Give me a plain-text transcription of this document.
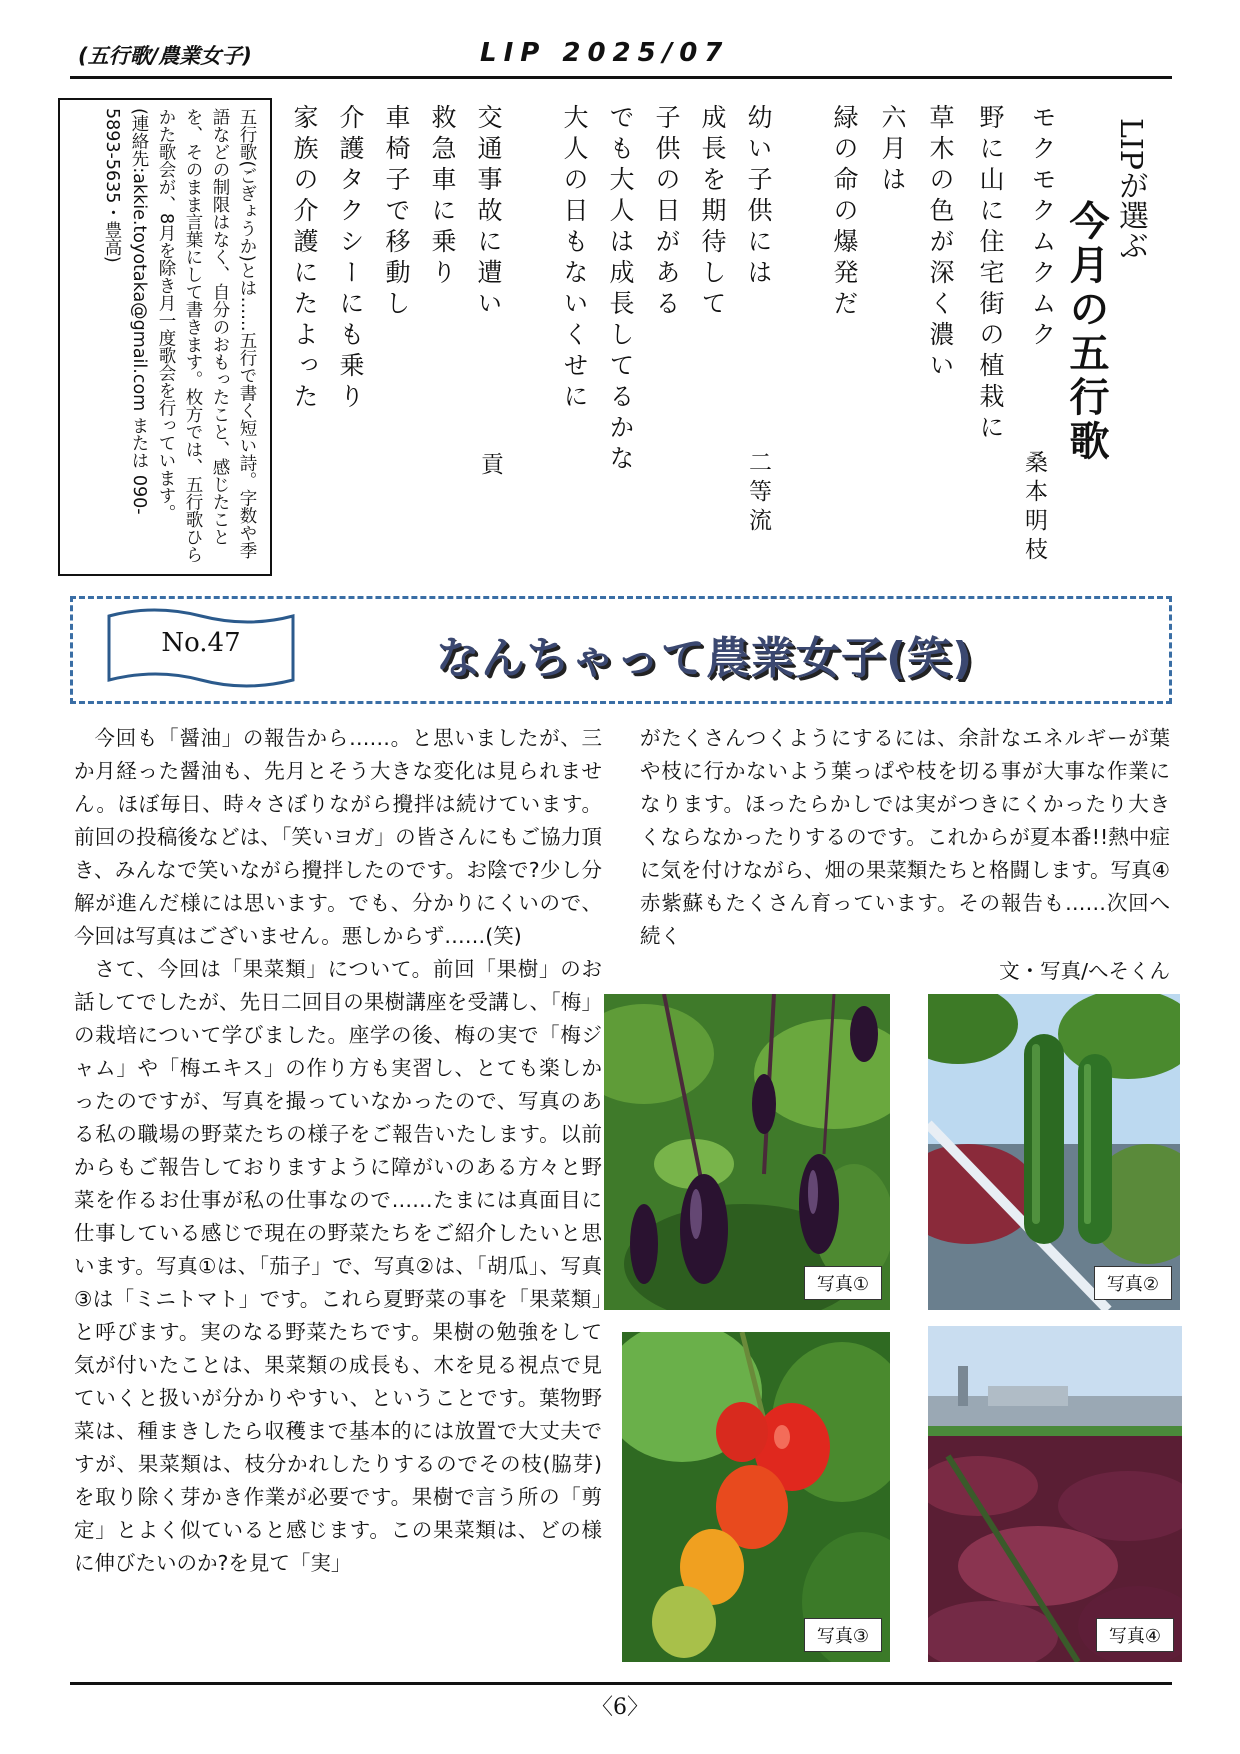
(五行歌/農業女子)	LIP 2025/07
LIPが選ぶ
今月の五行歌
モクモクムクムク
野に山に住宅街の植栽に
草木の色が深く濃い
六月は
緑の命の爆発だ
桑本明枝
幼い子供には
成長を期待して
子供の日がある
でも大人は成長してるかな
大人の日もないくせに
二等流
交通事故に遭い
救急車に乗り
車椅子で移動し
介護タクシーにも乗り
家族の介護にたよった
貢
五行歌(ごぎょうか)とは……五行で書く短い詩。字数や季語などの制限はなく、自分のおもったこと、感じたことを、そのまま言葉にして書きます。枚方では、五行歌ひらかた歌会が、8月を除き月一度歌会を行っています。
(連絡先:akkie.toyotaka@gmail.com または 090-5893-5635・豊高)
No.47	なんちゃって農業女子(笑)
今回も「醤油」の報告から……。と思いましたが、三か月経った醤油も、先月とそう大きな変化は見られません。ほぼ毎日、時々さぼりながら攪拌は続けています。前回の投稿後などは、「笑いヨガ」の皆さんにもご協力頂き、みんなで笑いながら攪拌したのです。お陰で?少し分解が進んだ様には思います。でも、分かりにくいので、今回は写真はございません。悪しからず……(笑)
さて、今回は「果菜類」について。前回「果樹」のお話してでしたが、先日二回目の果樹講座を受講し、「梅」の栽培について学びました。座学の後、梅の実で「梅ジャム」や「梅エキス」の作り方も実習し、とても楽しかったのですが、写真を撮っていなかったので、写真のある私の職場の野菜たちの様子をご報告いたします。以前からもご報告しておりますように障がいのある方々と野菜を作るお仕事が私の仕事なので……たまには真面目に仕事している感じで現在の野菜たちをご紹介したいと思います。写真①は、「茄子」で、写真②は、「胡瓜」、写真③は「ミニトマト」です。これら夏野菜の事を「果菜類」と呼びます。実のなる野菜たちです。果樹の勉強をして気が付いたことは、果菜類の成長も、木を見る視点で見ていくと扱いが分かりやすい、ということです。葉物野菜は、種まきしたら収穫まで基本的には放置で大丈夫ですが、果菜類は、枝分かれしたりするのでその枝(脇芽)を取り除く芽かき作業が必要です。果樹で言う所の「剪定」とよく似ていると感じます。この果菜類は、どの様に伸びたいのか?を見て「実」
がたくさんつくようにするには、余計なエネルギーが葉や枝に行かないよう葉っぱや枝を切る事が大事な作業になります。ほったらかしでは実がつきにくかったり大きくならなかったりするのです。これからが夏本番!!熱中症に気を付けながら、畑の果菜類たちと格闘します。写真④赤紫蘇もたくさん育っています。その報告も……次回へ続く
文・写真/へそくん
写真①	写真②
写真③	写真④
〈6〉
